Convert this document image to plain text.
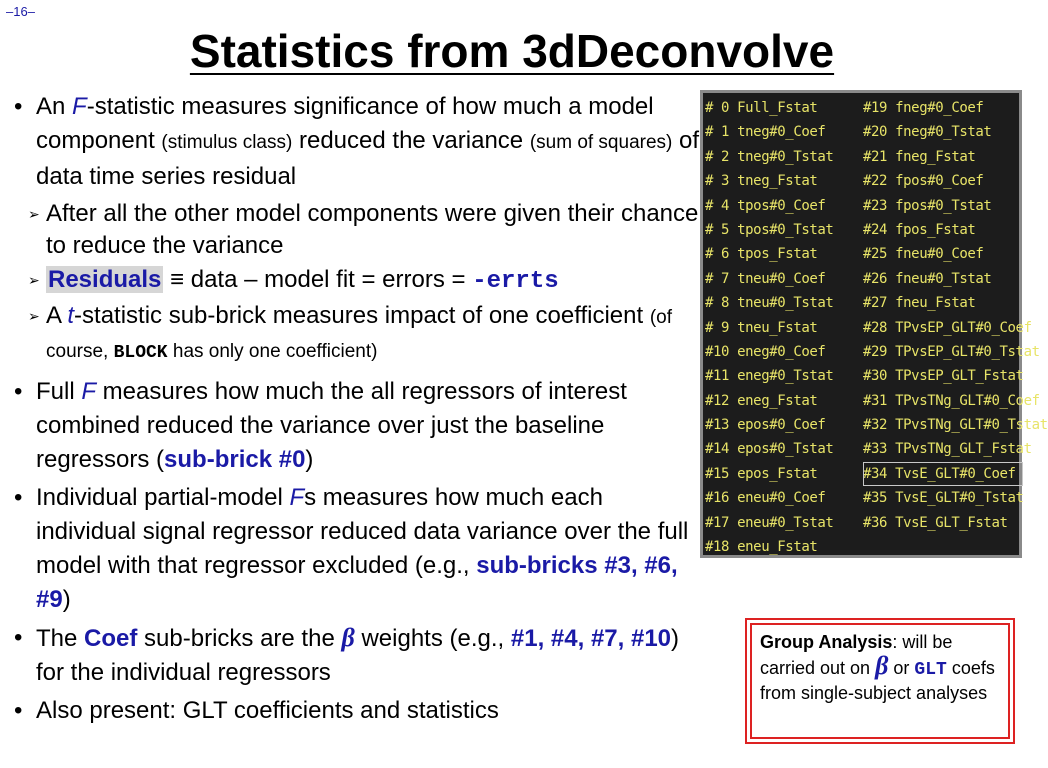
–16–
Statistics from 3dDeconvolve
• An F-statistic measures significance of how much a model component (stimulus class) reduced the variance (sum of squares) of data time series residual
➢ After all the other model components were given their chance to reduce the variance
➢ Residuals ≡ data – model fit = errors = -errts
➢ A t-statistic sub-brick measures impact of one coefficient (of course, BLOCK has only one coefficient)
• Full F measures how much the all regressors of interest combined reduced the variance over just the baseline regressors (sub-brick #0)
• Individual partial-model Fs measures how much each individual signal regressor reduced data variance over the full model with that regressor excluded (e.g., sub-bricks #3, #6, #9)
• The Coef sub-bricks are the β weights (e.g., #1, #4, #7, #10) for the individual regressors
• Also present: GLT coefficients and statistics
# 0 Full_Fstat
# 1 tneg#0_Coef
# 2 tneg#0_Tstat
# 3 tneg_Fstat
# 4 tpos#0_Coef
# 5 tpos#0_Tstat
# 6 tpos_Fstat
# 7 tneu#0_Coef
# 8 tneu#0_Tstat
# 9 tneu_Fstat
#10 eneg#0_Coef
#11 eneg#0_Tstat
#12 eneg_Fstat
#13 epos#0_Coef
#14 epos#0_Tstat
#15 epos_Fstat
#16 eneu#0_Coef
#17 eneu#0_Tstat
#18 eneu_Fstat
#19 fneg#0_Coef
#20 fneg#0_Tstat
#21 fneg_Fstat
#22 fpos#0_Coef
#23 fpos#0_Tstat
#24 fpos_Fstat
#25 fneu#0_Coef
#26 fneu#0_Tstat
#27 fneu_Fstat
#28 TPvsEP_GLT#0_Coef
#29 TPvsEP_GLT#0_Tstat
#30 TPvsEP_GLT_Fstat
#31 TPvsTNg_GLT#0_Coef
#32 TPvsTNg_GLT#0_Tstat
#33 TPvsTNg_GLT_Fstat
#34 TvsE_GLT#0_Coef
#35 TvsE_GLT#0_Tstat
#36 TvsE_GLT_Fstat
Group Analysis: will be carried out on β or GLT coefs from single-subject analyses
